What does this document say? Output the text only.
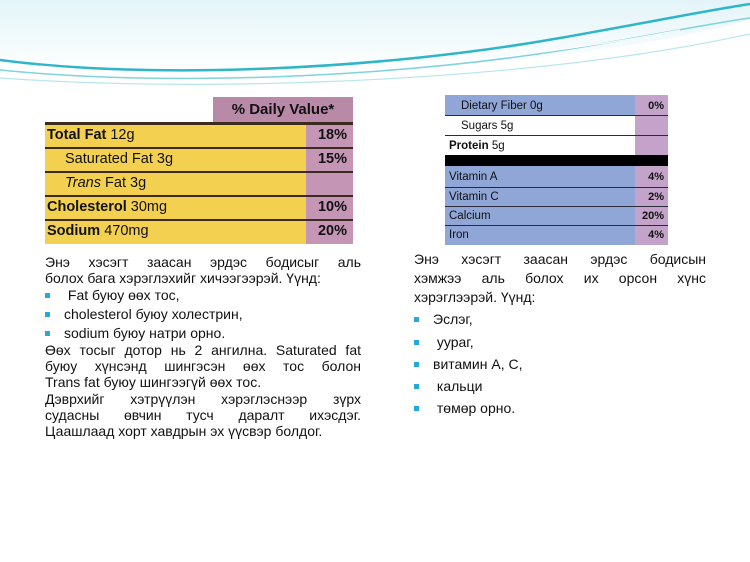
% Daily Value*
Total Fat 12g	18%
Saturated Fat 3g	15%
Trans Fat 3g
Cholesterol 30mg	10%
Sodium 470mg	20%
Dietary Fiber 0g	0%
Sugars 5g
Protein 5g
Vitamin A	4%
Vitamin C	2%
Calcium	20%
Iron	4%
Энэ хэсэгт заасан эрдэс бодисыг аль
болох бага хэрэглэхийг хичээгээрэй. Үүнд:
Fat буюу өөх тос,
cholesterol буюу холестрин,
sodium буюу натри орно.
Өөх тосыг дотор нь 2 ангилна. Saturated fat
буюу хүнсэнд шингэсэн өөх тос болон
Trans fat буюу шингээгүй өөх тос.
Дэврхийг хэтрүүлэн хэрэглэснээр зүрх
судасны өвчин тусч даралт ихэсдэг.
Цаашлаад хорт хавдрын эх үүсвэр болдог.
Энэ хэсэгт заасан эрдэс бодисын
хэмжээ аль болох их орсон хүнс
хэрэглээрэй. Үүнд:
Эслэг,
уураг,
витамин А, С,
кальци
төмөр орно.
